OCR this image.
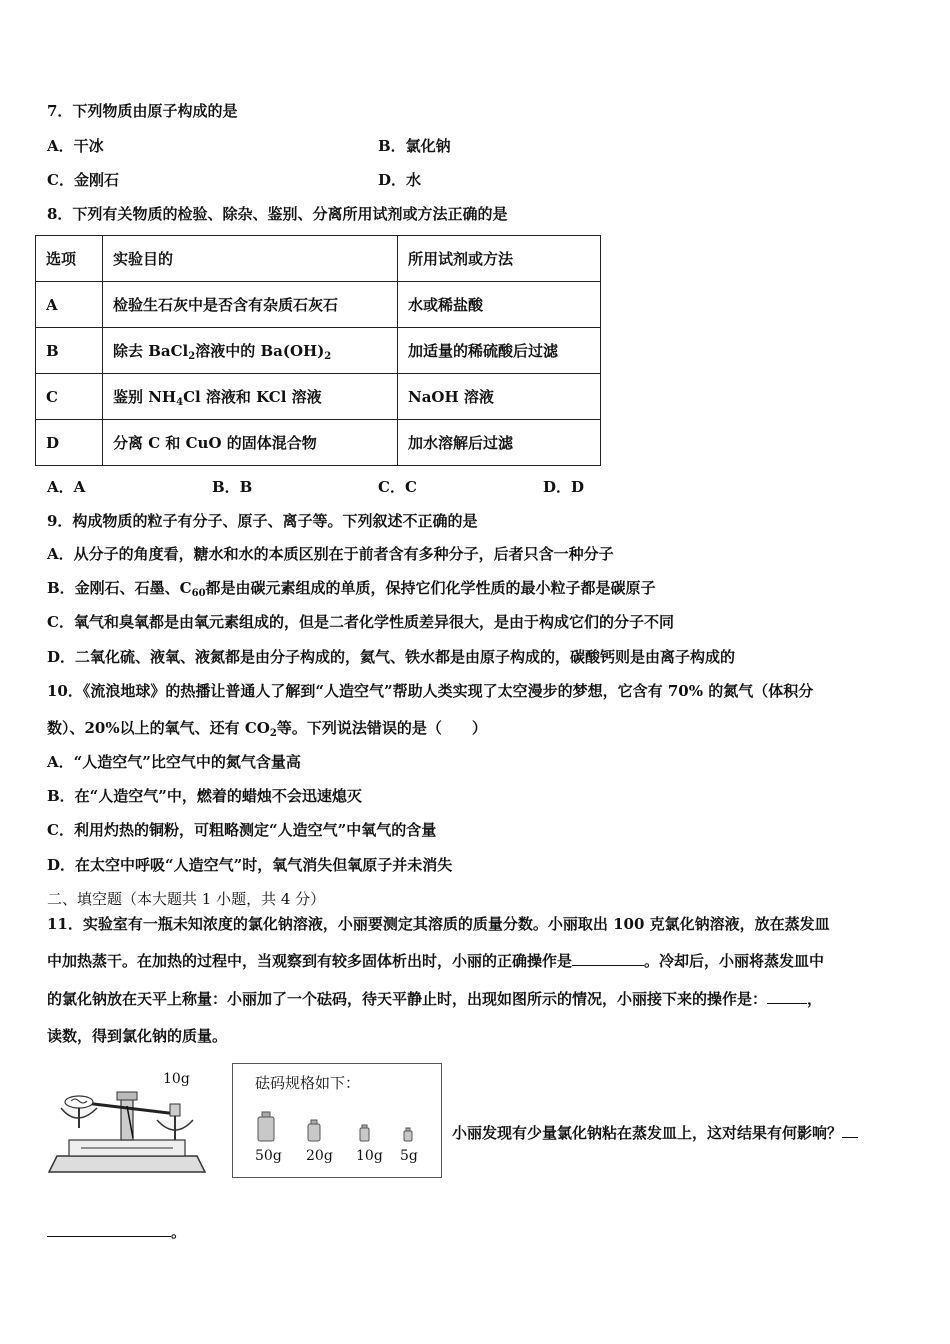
7．下列物质由原子构成的是
A．干冰	B．氯化钠
C．金刚石	D．水
8．下列有关物质的检验、除杂、鉴别、分离所用试剂或方法正确的是
选项	实验目的	所用试剂或方法
A	检验生石灰中是否含有杂质石灰石	水或稀盐酸
B	除去 BaCl$_2$溶液中的 $Ba(OH)_2$	加适量的稀硫酸后过滤
C	鉴别 $NH_4Cl$ 溶液和 KCl 溶液	NaOH 溶液
D	分离 C 和 CuO 的固体混合物	加水溶解后过滤
A．A	B．B	C．C	D．D
9．构成物质的粒子有分子、原子、离子等。下列叙述不正确的是
A．从分子的角度看，糖水和水的本质区别在于前者含有多种分子，后者只含一种分子
B．金刚石、石墨、$C_{60}$都是由碳元素组成的单质，保持它们化学性质的最小粒子都是碳原子
C．氧气和臭氧都是由氧元素组成的，但是二者化学性质差异很大，是由于构成它们的分子不同
D．二氧化硫、液氧、液氮都是由分子构成的，氦气、铁水都是由原子构成的，碳酸钙则是由离子构成的
10．《流浪地球》的热播让普通人了解到“人造空气”帮助人类实现了太空漫步的梦想，它含有 70% 的氮气（体积分
数）、20%以上的氧气、还有 $CO_2$等。下列说法错误的是（　　）
A．“人造空气”比空气中的氮气含量高
B．在“人造空气”中，燃着的蜡烛不会迅速熄灭
C．利用灼热的铜粉，可粗略测定“人造空气”中氧气的含量
D．在太空中呼吸“人造空气”时，氧气消失但氧原子并未消失
二、填空题（本大题共 1 小题，共 4 分）
11．实验室有一瓶未知浓度的氯化钠溶液，小丽要测定其溶质的质量分数。小丽取出 100 克氯化钠溶液，放在蒸发皿
中加热蒸干。在加热的过程中，当观察到有较多固体析出时，小丽的正确操作是	。冷却后，小丽将蒸发皿中
的氯化钠放在天平上称量：小丽加了一个砝码，待天平静止时，出现如图所示的情况，小丽接下来的操作是：	，
读数，得到氯化钠的质量。
10g	砝码规格如下：
50g 20g 10g 5g
小丽发现有少量氯化钠粘在蒸发皿上，这对结果有何影响？
。
